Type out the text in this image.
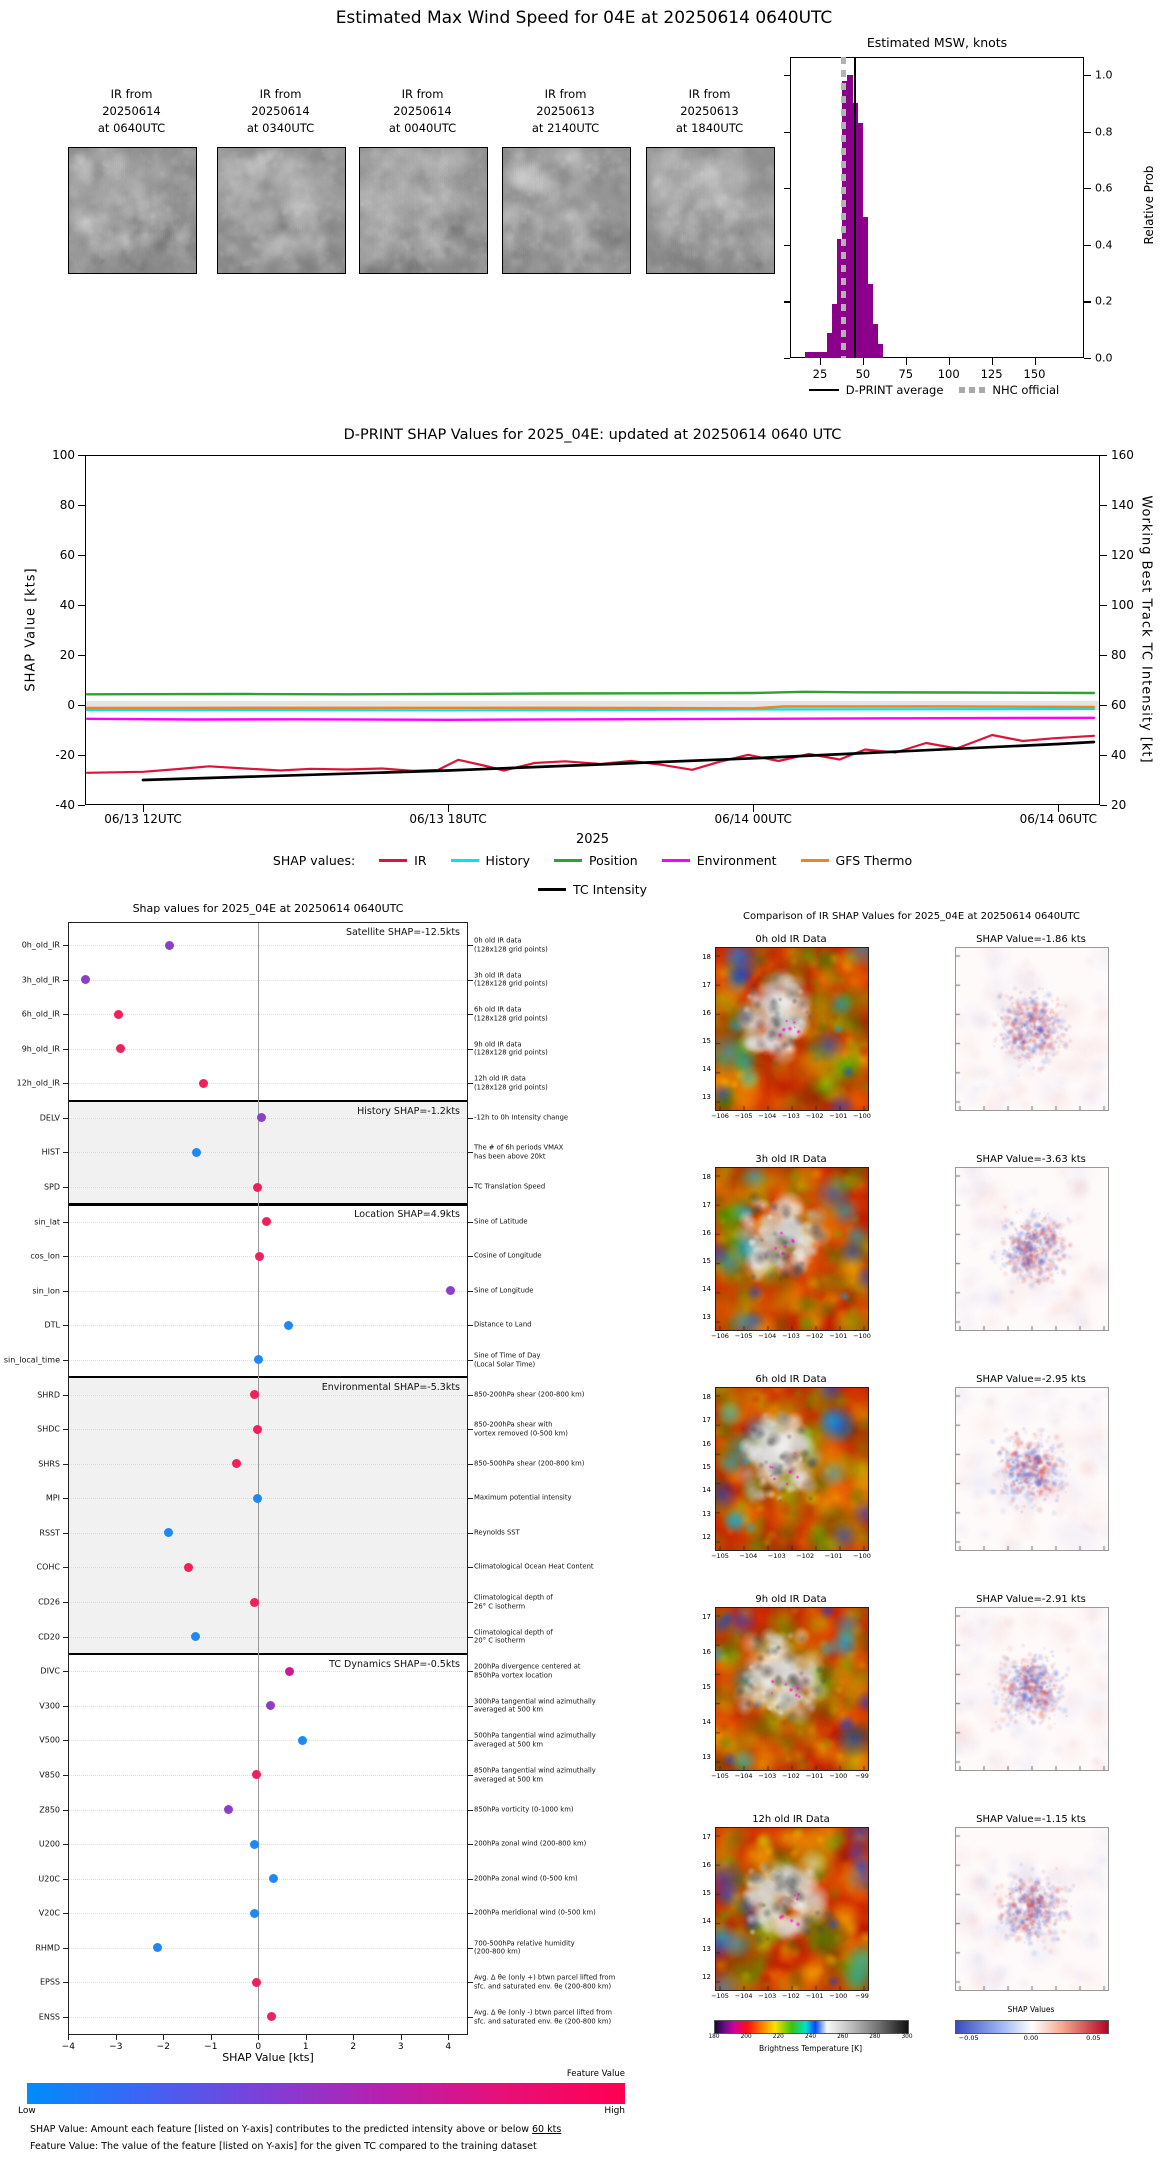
Estimated Max Wind Speed for 04E at 20250614 0640UTC
Estimated MSW, knots
Relative Prob
D-PRINT SHAP Values for 2025_04E: updated at 20250614 0640 UTC
SHAP Value [kts]	Working Best Track TC Intensity [kt]
2025
Shap values for 2025_04E at 20250614 0640UTC
SHAP Value [kts]
Feature Value
Low	High
SHAP Value: Amount each feature [listed on Y-axis] contributes to the predicted intensity above or below 60 kts
Feature Value: The value of the feature [listed on Y-axis] for the given TC compared to the training dataset
Comparison of IR SHAP Values for 2025_04E at 20250614 0640UTC
Brightness Temperature [K]
SHAP Values
IR from
20250614
at 0640UTC
IR from
20250614
at 0340UTC
IR from
20250614
at 0040UTC
IR from
20250613
at 2140UTC
IR from
20250613
at 1840UTC
1.0
0.8
0.6
0.4
0.2
0.0
25	50	75	100	125	150
D-PRINT average	NHC official
-40
-20
0
20
40
60
80
100
20
40
60
80
100
120
140
160
06/13 12UTC	06/13 18UTC	06/14 00UTC	06/14 06UTC
SHAP values:	IR	History	Position	Environment	GFS Thermo
TC Intensity
Satellite SHAP=-12.5kts
0h_old_IR
0h old IR data
(128x128 grid points)
3h_old_IR
3h old IR data
(128x128 grid points)
6h_old_IR
6h old IR data
(128x128 grid points)
9h_old_IR
9h old IR data
(128x128 grid points)
12h_old_IR
12h old IR data
(128x128 grid points)
History SHAP=-1.2kts
DELV	-12h to 0h Intensity change
HIST
The # of 6h periods VMAX
has been above 20kt
SPD	TC Translation Speed
Location SHAP=4.9kts
sin_lat	Sine of Latitude
cos_lon	Cosine of Longitude
sin_lon	Sine of Longitude
DTL	Distance to Land
sin_local_time
Sine of Time of Day
(Local Solar Time)
Environmental SHAP=-5.3kts
SHRD	850-200hPa shear (200-800 km)
SHDC
850-200hPa shear with
vortex removed (0-500 km)
SHRS	850-500hPa shear (200-800 km)
MPI	Maximum potential intensity
RSST	Reynolds SST
COHC	Climatological Ocean Heat Content
CD26
Climatological depth of
26° C isotherm
CD20
Climatological depth of
20° C isotherm
TC Dynamics SHAP=-0.5kts
DIVC
200hPa divergence centered at
850hPa vortex location
V300
300hPa tangential wind azimuthally
averaged at 500 km
V500
500hPa tangential wind azimuthally
averaged at 500 km
V850
850hPa tangential wind azimuthally
averaged at 500 km
Z850	850hPa vorticity (0-1000 km)
U200	200hPa zonal wind (200-800 km)
U20C	200hPa zonal wind (0-500 km)
V20C	200hPa meridional wind (0-500 km)
RHMD
700-500hPa relative humidity
(200-800 km)
EPSS
Avg. Δ θe (only +) btwn parcel lifted from
sfc. and saturated env. θe (200-800 km)
ENSS
Avg. Δ θe (only -) btwn parcel lifted from
sfc. and saturated env. θe (200-800 km)
−4	−3	−2	−1	0	1	2	3	4
0h old IR Data	SHAP Value=-1.86 kts
18
17
16
15
14
13
−106 −105 −104 −103 −102 −101 −100
3h old IR Data	SHAP Value=-3.63 kts
18
17
16
15
14
13
−106 −105 −104 −103 −102 −101 −100
6h old IR Data	SHAP Value=-2.95 kts
18
17
16
15
14
13
12
−105	−104	−103	−102	−101	−100
9h old IR Data	SHAP Value=-2.91 kts
17
16
15
14
13
−105 −104 −103 −102 −101 −100	−99
12h old IR Data	SHAP Value=-1.15 kts
17
16
15
14
13
12
−105 −104 −103 −102 −101 −100	−99
180	200	220	240	260	280	300	−0.05	0.00	0.05
